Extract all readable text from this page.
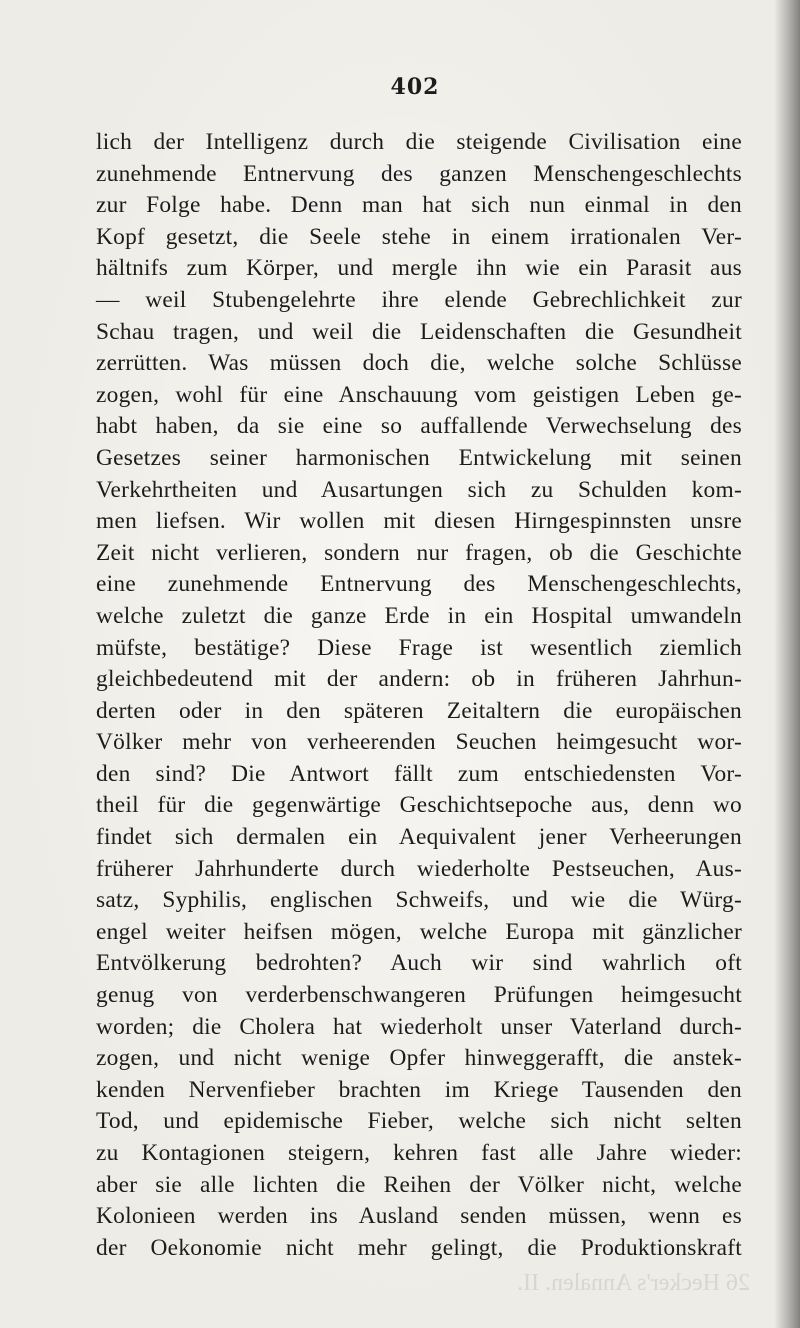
402
lich der Intelligenz durch die steigende Civilisation eine
zunehmende Entnervung des ganzen Menschengeschlechts
zur Folge habe. Denn man hat sich nun einmal in den
Kopf gesetzt, die Seele stehe in einem irrationalen Ver-
hältnifs zum Körper, und mergle ihn wie ein Parasit aus
— weil Stubengelehrte ihre elende Gebrechlichkeit zur
Schau tragen, und weil die Leidenschaften die Gesundheit
zerrütten. Was müssen doch die, welche solche Schlüsse
zogen, wohl für eine Anschauung vom geistigen Leben ge-
habt haben, da sie eine so auffallende Verwechselung des
Gesetzes seiner harmonischen Entwickelung mit seinen
Verkehrtheiten und Ausartungen sich zu Schulden kom-
men liefsen. Wir wollen mit diesen Hirngespinnsten unsre
Zeit nicht verlieren, sondern nur fragen, ob die Geschichte
eine zunehmende Entnervung des Menschengeschlechts,
welche zuletzt die ganze Erde in ein Hospital umwandeln
müfste, bestätige? Diese Frage ist wesentlich ziemlich
gleichbedeutend mit der andern: ob in früheren Jahrhun-
derten oder in den späteren Zeitaltern die europäischen
Völker mehr von verheerenden Seuchen heimgesucht wor-
den sind? Die Antwort fällt zum entschiedensten Vor-
theil für die gegenwärtige Geschichtsepoche aus, denn wo
findet sich dermalen ein Aequivalent jener Verheerungen
früherer Jahrhunderte durch wiederholte Pestseuchen, Aus-
satz, Syphilis, englischen Schweifs, und wie die Würg-
engel weiter heifsen mögen, welche Europa mit gänzlicher
Entvölkerung bedrohten? Auch wir sind wahrlich oft
genug von verderbenschwangeren Prüfungen heimgesucht
worden; die Cholera hat wiederholt unser Vaterland durch-
zogen, und nicht wenige Opfer hinweggerafft, die anstek-
kenden Nervenfieber brachten im Kriege Tausenden den
Tod, und epidemische Fieber, welche sich nicht selten
zu Kontagionen steigern, kehren fast alle Jahre wieder:
aber sie alle lichten die Reihen der Völker nicht, welche
Kolonieen werden ins Ausland senden müssen, wenn es
der Oekonomie nicht mehr gelingt, die Produktionskraft
26 Hecker's Annalen. II.
